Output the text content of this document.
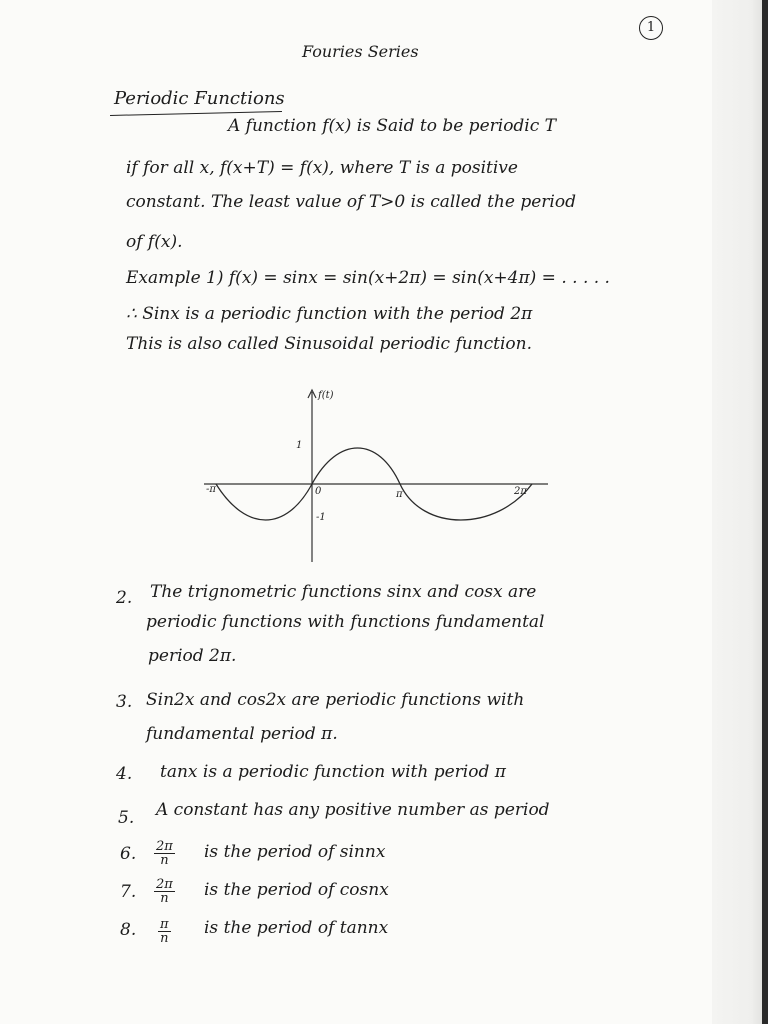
1
Fouries Series
Periodic Functions
A function f(x) is Said to be periodic T
if for all x, f(x+T) = f(x), where T is a positive
constant. The least value of T>0 is called the period
of f(x).
Example 1) f(x) = sinx = sin(x+2π) = sin(x+4π) = . . . . .
∴ Sinx is a periodic function with the period 2π
This is also called Sinusoidal periodic function.
f(t)
1
-1
0
-π	π	2π
2. The trignometric functions sinx and cosx are
periodic functions with functions fundamental
period 2π.
3. Sin2x and cos2x are periodic functions with
fundamental period π.
4. tanx is a periodic function with period π
5. A constant has any positive number as period
6. $\frac{2\pi}{n}$ is the period of sinnx
7. $\frac{2\pi}{n}$ is the period of cosnx
8. $\frac{\pi}{n}$ is the period of tannx
